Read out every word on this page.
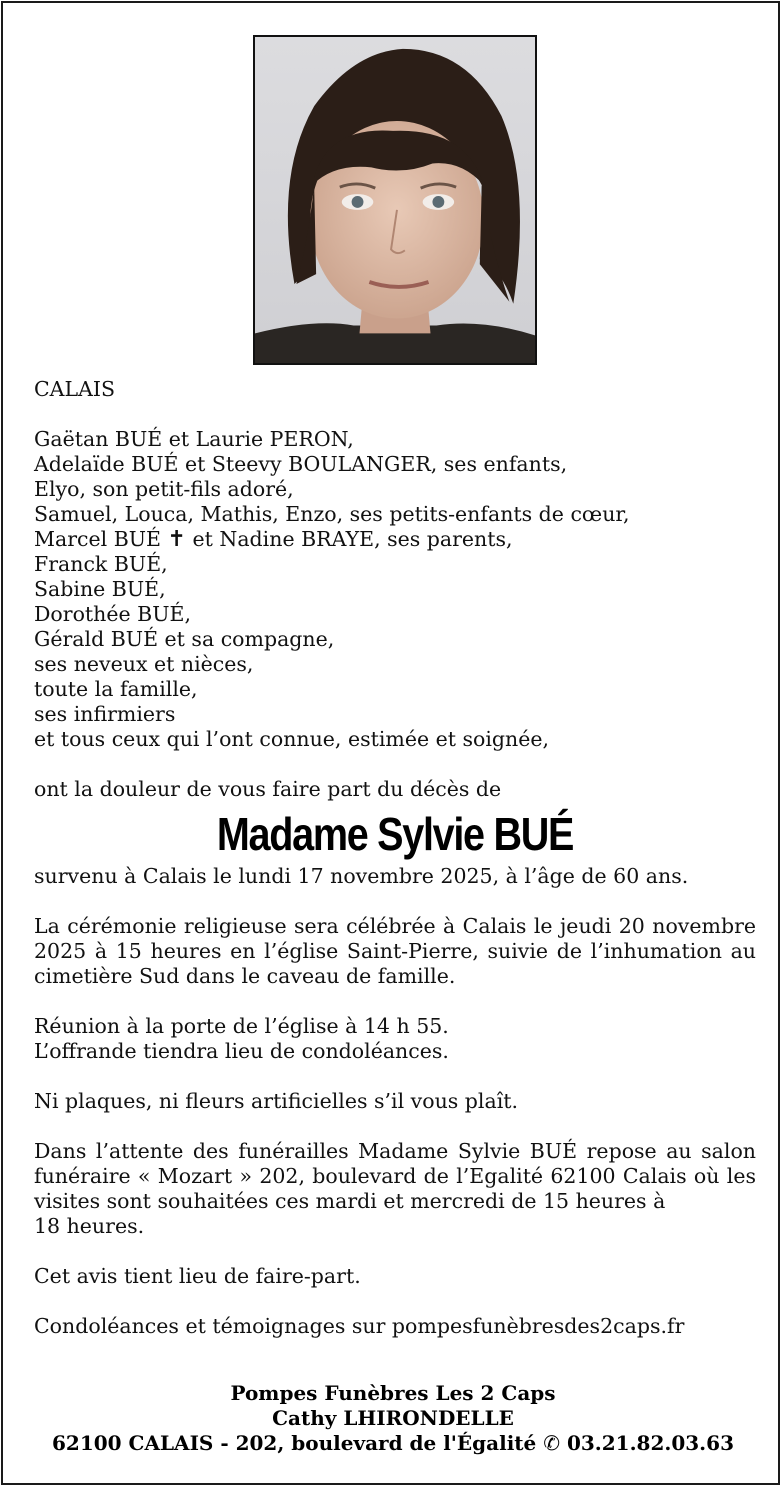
CALAIS
Gaëtan BUÉ et Laurie PERON,
Adelaïde BUÉ et Steevy BOULANGER, ses enfants,
Elyo, son petit-fils adoré,
Samuel, Louca, Mathis, Enzo, ses petits-enfants de cœur,
Marcel BUÉ ✝ et Nadine BRAYE, ses parents,
Franck BUÉ,
Sabine BUÉ,
Dorothée BUÉ,
Gérald BUÉ et sa compagne,
ses neveux et nièces,
toute la famille,
ses infirmiers
et tous ceux qui l’ont connue, estimée et soignée,
ont la douleur de vous faire part du décès de
Madame Sylvie BUÉ
survenu à Calais le lundi 17 novembre 2025, à l’âge de 60 ans.
La cérémonie religieuse sera célébrée à Calais le jeudi 20 novembre 2025 à 15 heures en l’église Saint-Pierre, suivie de l’inhumation au cimetière Sud dans le caveau de famille.
Réunion à la porte de l’église à 14 h 55.
L’offrande tiendra lieu de condoléances.
Ni plaques, ni fleurs artificielles s’il vous plaît.
Dans l’attente des funérailles Madame Sylvie BUÉ repose au salon funéraire « Mozart » 202, boulevard de l’Egalité 62100 Calais où les visites sont souhaitées ces mardi et mercredi de 15 heures à
18 heures.
Cet avis tient lieu de faire-part.
Condoléances et témoignages sur pompesfunèbresdes2caps.fr
Pompes Funèbres Les 2 Caps
Cathy LHIRONDELLE
62100 CALAIS - 202, boulevard de l'Égalité ✆ 03.21.82.03.63
